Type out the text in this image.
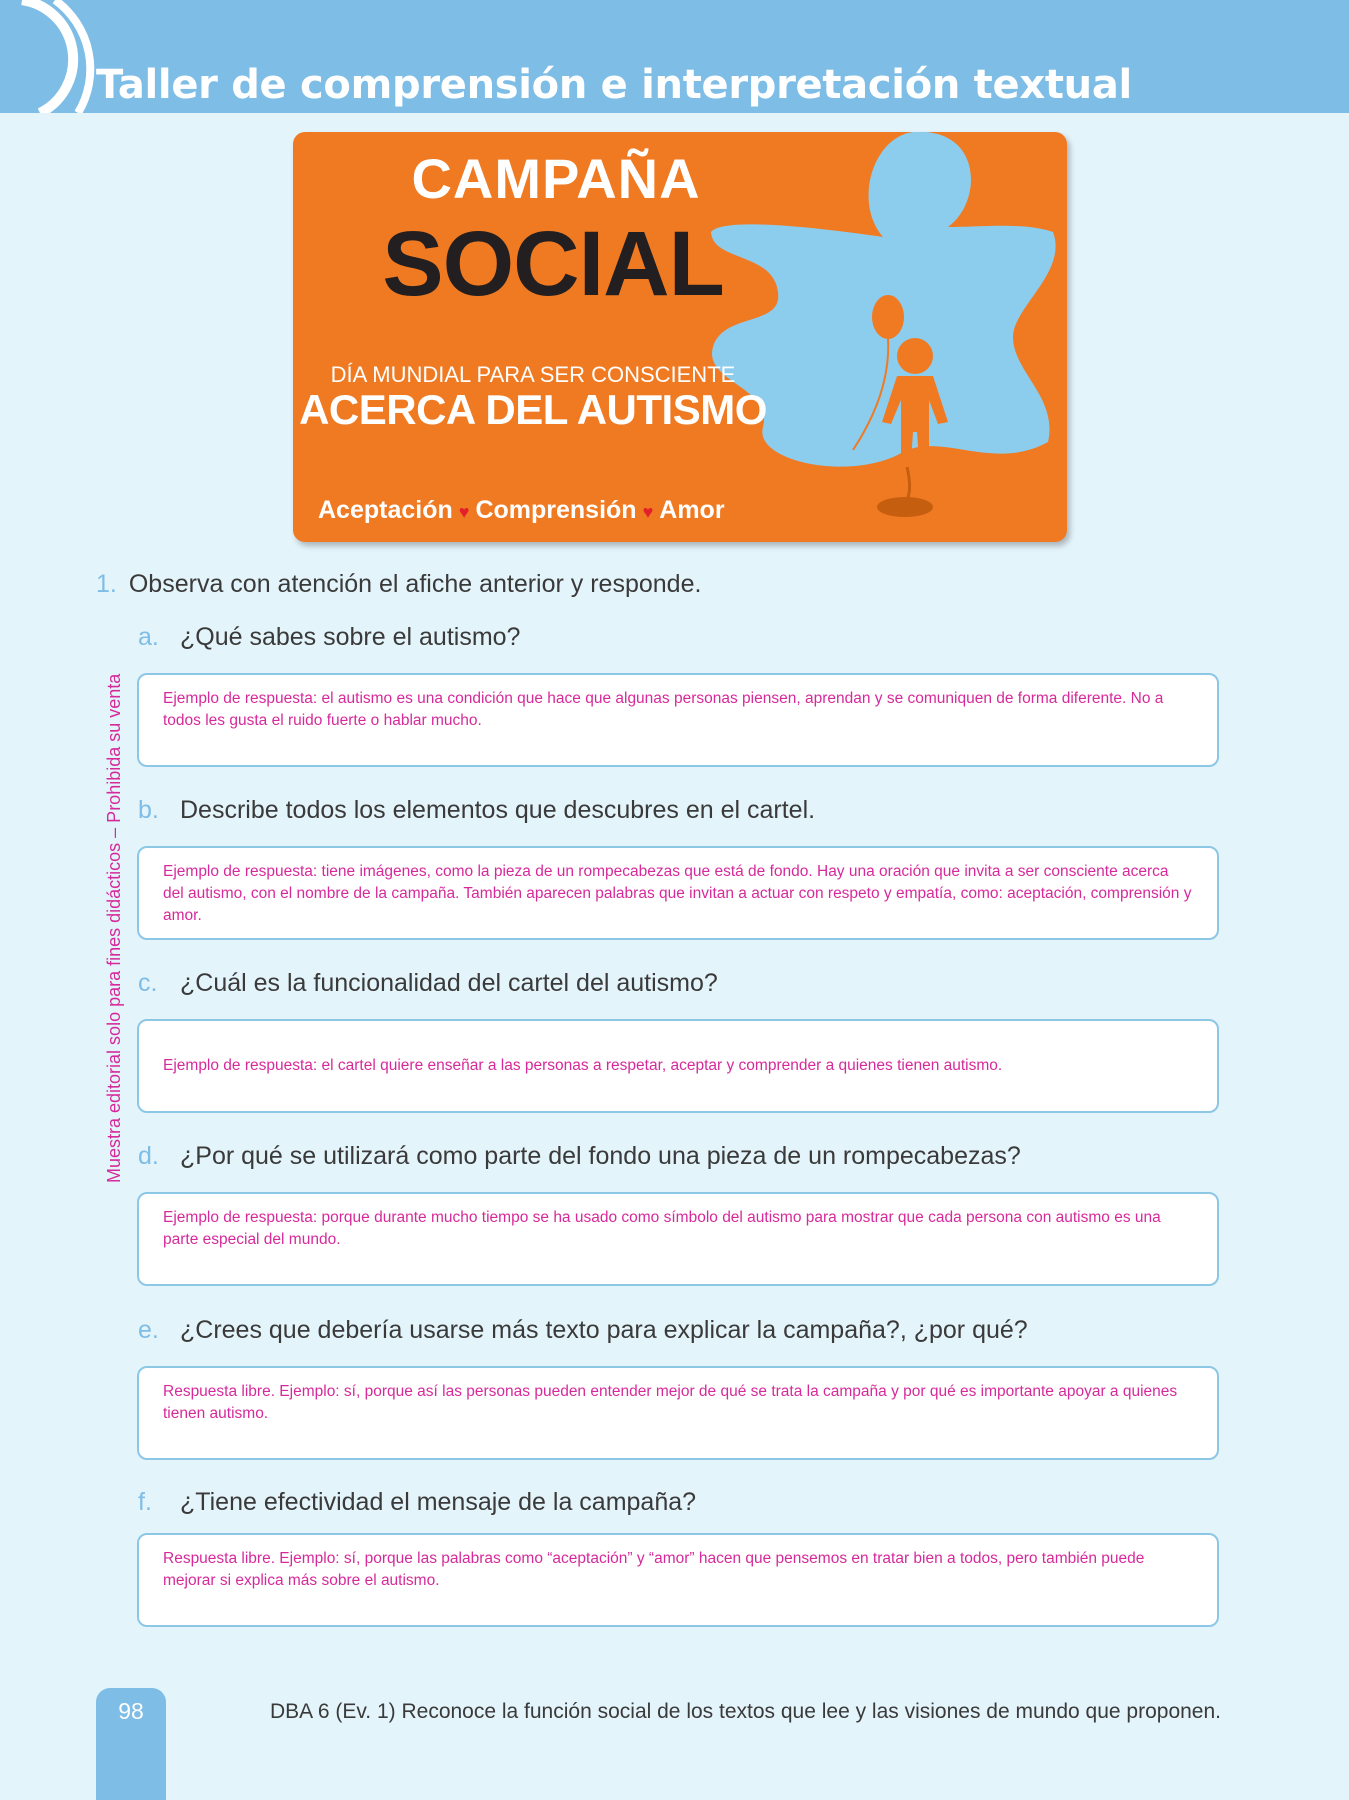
Taller de comprensión e interpretación textual
CAMPAÑA
SOCIAL
DÍA MUNDIAL PARA SER CONSCIENTE
ACERCA DEL AUTISMO
Aceptación ♥ Comprensión ♥ Amor
Muestra editorial solo para fines didácticos – Prohibida su venta
1. Observa con atención el afiche anterior y responde.
a. ¿Qué sabes sobre el autismo?
Ejemplo de respuesta: el autismo es una condición que hace que algunas personas piensen, aprendan y se comuniquen de forma diferente. No a todos les gusta el ruido fuerte o hablar mucho.
b. Describe todos los elementos que descubres en el cartel.
Ejemplo de respuesta: tiene imágenes, como la pieza de un rompecabezas que está de fondo. Hay una oración que invita a ser consciente acerca del autismo, con el nombre de la campaña. También aparecen palabras que invitan a actuar con respeto y empatía, como: aceptación, comprensión y amor.
c. ¿Cuál es la funcionalidad del cartel del autismo?
Ejemplo de respuesta: el cartel quiere enseñar a las personas a respetar, aceptar y comprender a quienes tienen autismo.
d. ¿Por qué se utilizará como parte del fondo una pieza de un rompecabezas?
Ejemplo de respuesta: porque durante mucho tiempo se ha usado como símbolo del autismo para mostrar que cada persona con autismo es una parte especial del mundo.
e. ¿Crees que debería usarse más texto para explicar la campaña?, ¿por qué?
Respuesta libre. Ejemplo: sí, porque así las personas pueden entender mejor de qué se trata la campaña y por qué es importante apoyar a quienes tienen autismo.
f. ¿Tiene efectividad el mensaje de la campaña?
Respuesta libre. Ejemplo: sí, porque las palabras como “aceptación” y “amor” hacen que pensemos en tratar bien a todos, pero también puede mejorar si explica más sobre el autismo.
98	DBA 6 (Ev. 1) Reconoce la función social de los textos que lee y las visiones de mundo que proponen.
